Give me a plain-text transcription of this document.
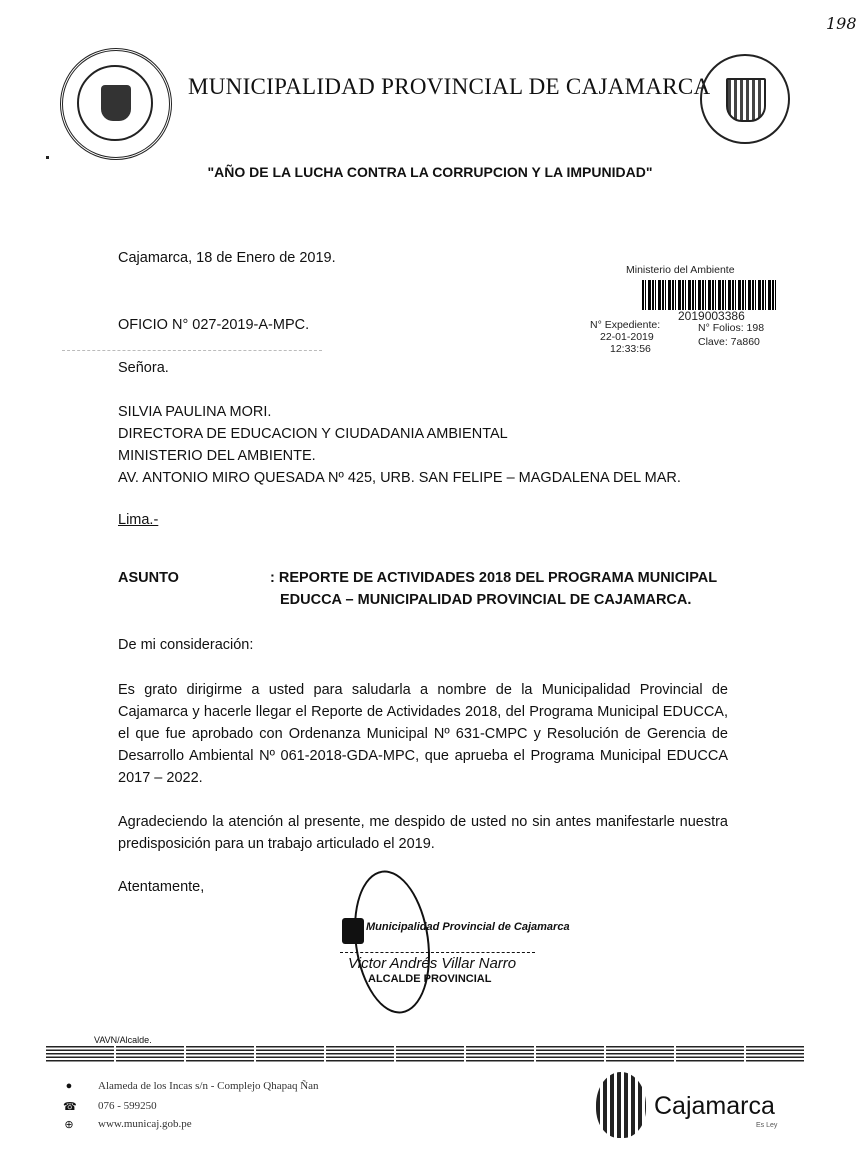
198
MUNICIPALIDAD PROVINCIAL DE CAJAMARCA
"AÑO DE LA LUCHA CONTRA LA CORRUPCION Y LA IMPUNIDAD"
Cajamarca, 18 de Enero de 2019.
Ministerio del Ambiente
2019003386
N° Expediente:	N° Folios: 198
22-01-2019	Clave: 7a860
12:33:56
OFICIO N° 027-2019-A-MPC.
Señora.
SILVIA PAULINA MORI.
DIRECTORA DE EDUCACION Y CIUDADANIA AMBIENTAL
MINISTERIO DEL AMBIENTE.
AV. ANTONIO MIRO QUESADA Nº 425, URB. SAN FELIPE – MAGDALENA DEL MAR.
Lima.-
ASUNTO	: REPORTE DE ACTIVIDADES 2018 DEL PROGRAMA MUNICIPAL
EDUCCA – MUNICIPALIDAD PROVINCIAL DE CAJAMARCA.
De mi consideración:
Es grato dirigirme a usted para saludarla a nombre de la Municipalidad Provincial de Cajamarca y hacerle llegar el Reporte de Actividades 2018, del Programa Municipal EDUCCA, el que fue aprobado con Ordenanza Municipal Nº 631-CMPC y Resolución de Gerencia de Desarrollo Ambiental Nº 061-2018-GDA-MPC, que aprueba el Programa Municipal EDUCCA 2017 – 2022.
Agradeciendo la atención al presente, me despido de usted no sin antes manifestarle nuestra predisposición para un trabajo articulado el 2019.
Atentamente,
Municipalidad Provincial de Cajamarca
Victor Andrés Villar Narro
ALCALDE PROVINCIAL
VAVN/Alcalde.
● Alameda de los Incas s/n - Complejo Qhapaq Ñan
☎ 076 - 599250
⊕ www.municaj.gob.pe
Cajamarca
Es Ley
